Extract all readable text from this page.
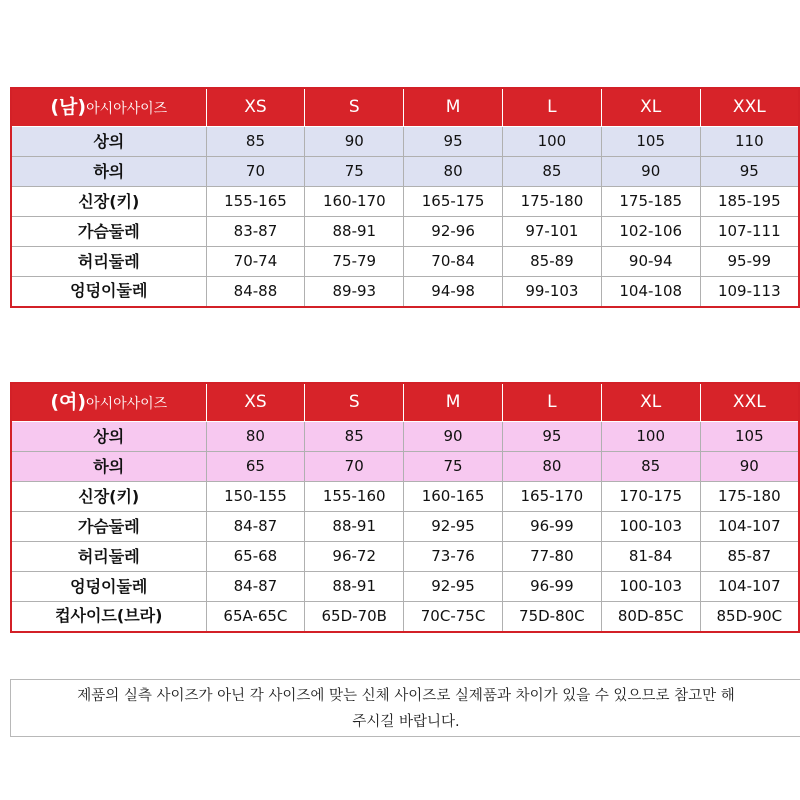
(남)아시아사이즈	XS	S	M	L	XL	XXL
상의	85	90	95	100	105	110
하의	70	75	80	85	90	95
신장(키)	155-165	160-170	165-175	175-180	175-185	185-195
가슴둘레	83-87	88-91	92-96	97-101	102-106	107-111
허리둘레	70-74	75-79	70-84	85-89	90-94	95-99
엉덩이둘레	84-88	89-93	94-98	99-103	104-108	109-113
(여)아시아사이즈	XS	S	M	L	XL	XXL
상의	80	85	90	95	100	105
하의	65	70	75	80	85	90
신장(키)	150-155	155-160	160-165	165-170	170-175	175-180
가슴둘레	84-87	88-91	92-95	96-99	100-103	104-107
허리둘레	65-68	96-72	73-76	77-80	81-84	85-87
엉덩이둘레	84-87	88-91	92-95	96-99	100-103	104-107
컵사이드(브라)	65A-65C	65D-70B	70C-75C	75D-80C	80D-85C	85D-90C
제품의 실측 사이즈가 아닌 각 사이즈에 맞는 신체 사이즈로 실제품과 차이가 있을 수 있으므로 참고만 해
주시길 바랍니다.
